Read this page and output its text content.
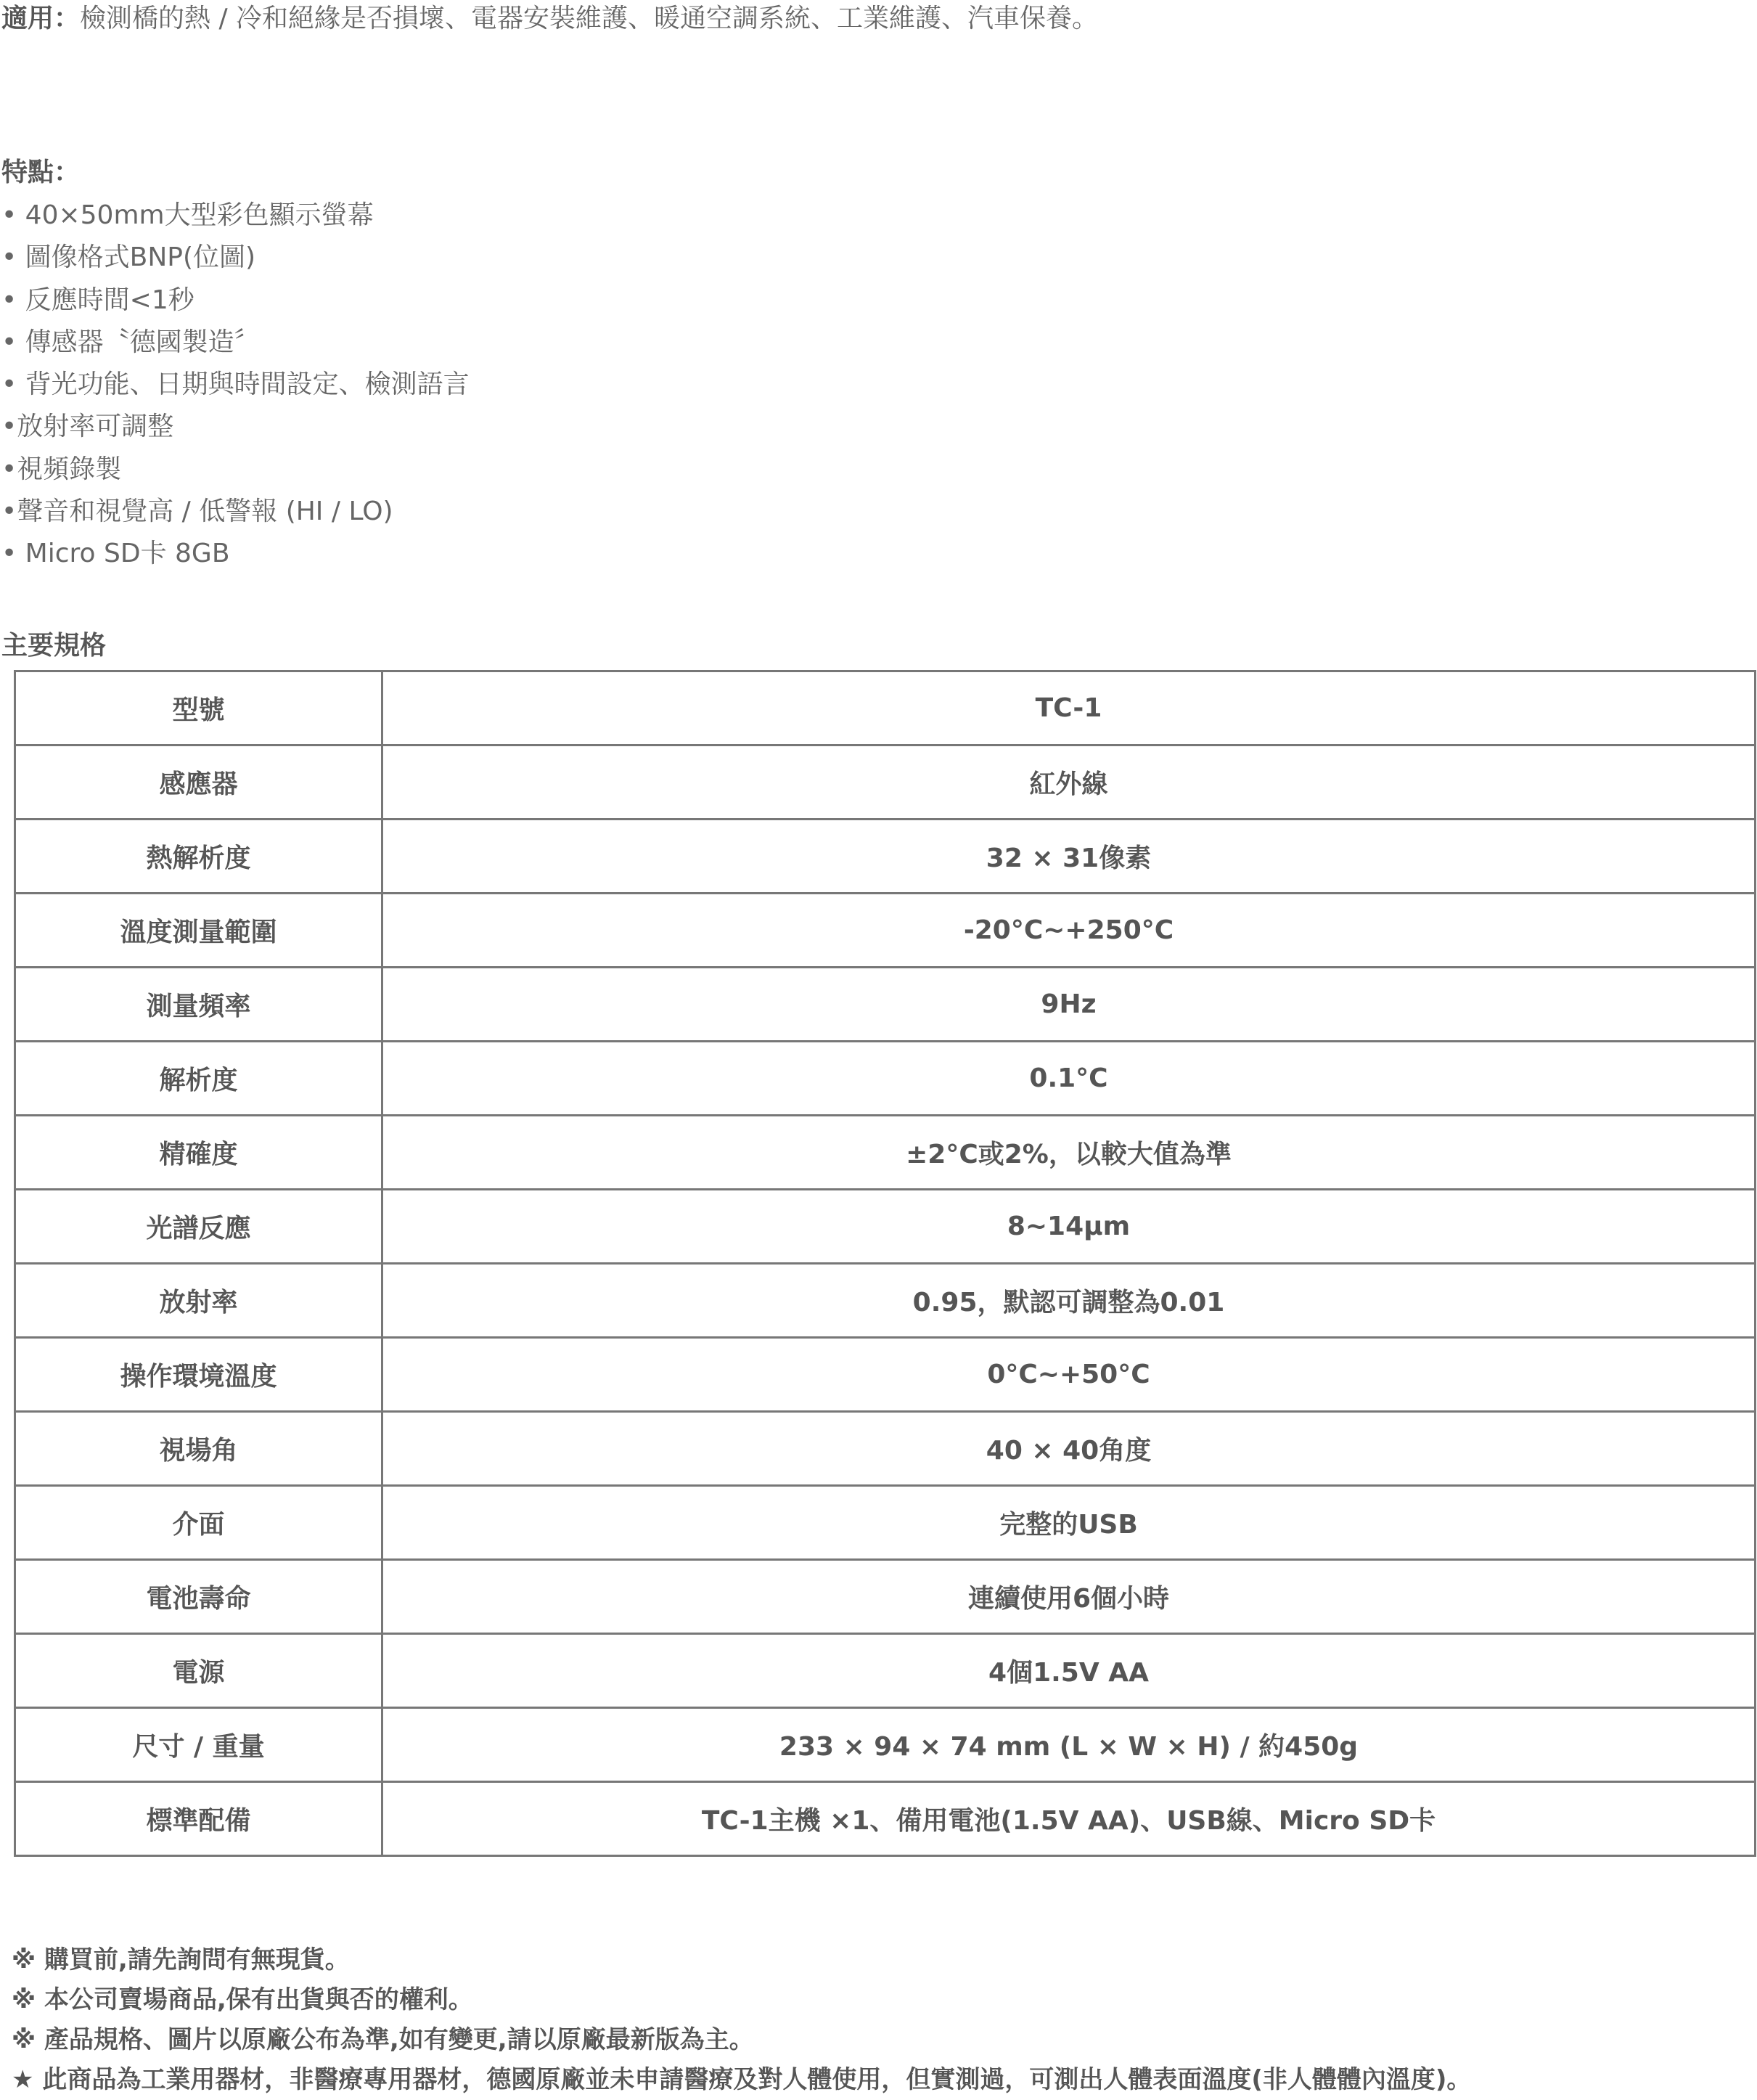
適用：檢測橋的熱 / 冷和絕緣是否損壞、電器安裝維護、暖通空調系統、工業維護、汽車保養。
特點：
• 40×50mm大型彩色顯示螢幕
• 圖像格式BNP(位圖)
• 反應時間<1秒
• 傳感器〝德國製造〞
• 背光功能、日期與時間設定、檢測語言
•放射率可調整
•視頻錄製
•聲音和視覺高 / 低警報 (HI / LO)
• Micro SD卡 8GB
主要規格
型號	TC-1
感應器	紅外線
熱解析度	32 × 31像素
溫度測量範圍	-20°C~+250°C
測量頻率	9Hz
解析度	0.1°C
精確度	±2°C或2%，以較大值為準
光譜反應	8~14μm
放射率	0.95，默認可調整為0.01
操作環境溫度	0°C~+50°C
視場角	40 × 40角度
介面	完整的USB
電池壽命	連續使用6個小時
電源	4個1.5V AA
尺寸 / 重量	233 × 94 × 74 mm (L × W × H) / 約450g
標準配備	TC-1主機 ×1、備用電池(1.5V AA)、USB線、Micro SD卡
※ 購買前,請先詢問有無現貨。
※ 本公司賣場商品,保有出貨與否的權利。
※ 產品規格、圖片以原廠公布為準,如有變更,請以原廠最新版為主。
★ 此商品為工業用器材，非醫療專用器材，德國原廠並未申請醫療及對人體使用，但實測過，可測出人體表面溫度(非人體體內溫度)。
